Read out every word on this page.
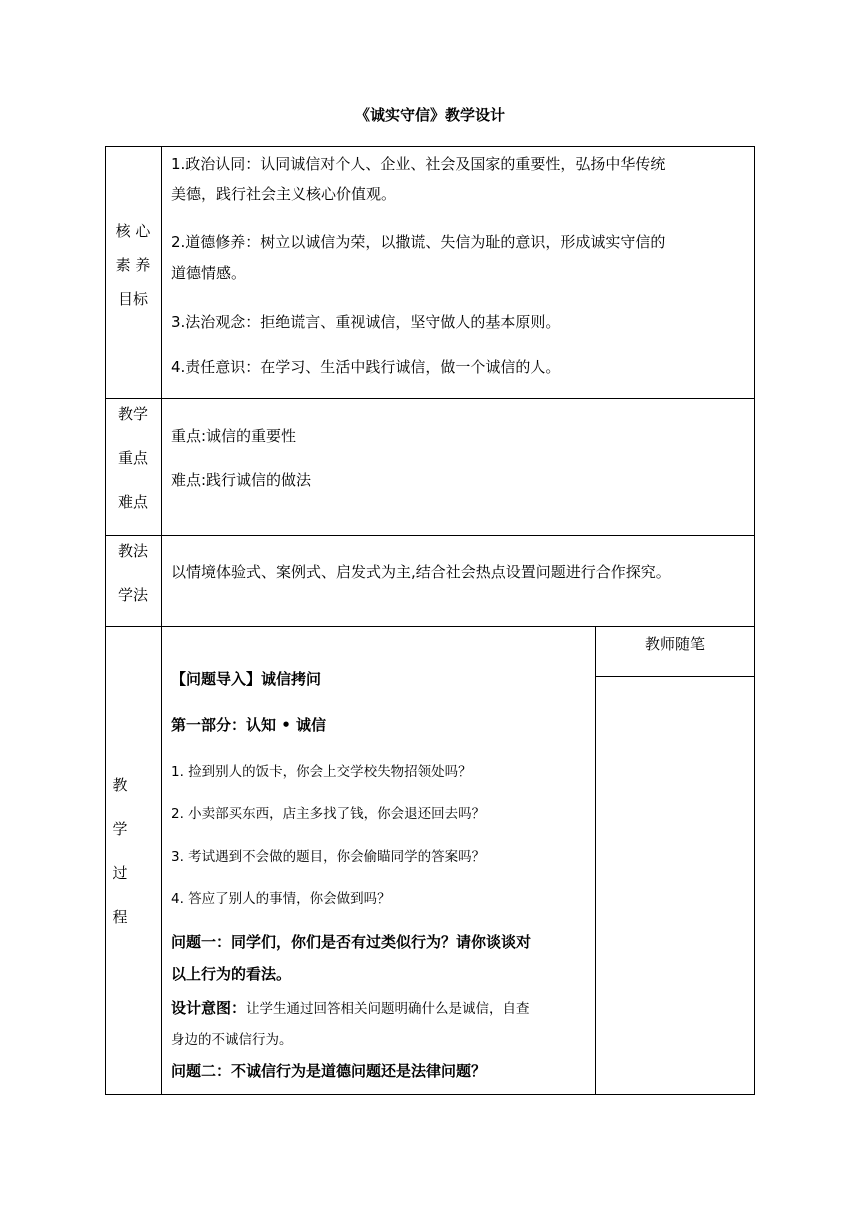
《诚实守信》教学设计
核 心
素 养
目标
1.政治认同：认同诚信对个人、企业、社会及国家的重要性，弘扬中华传统
美德，践行社会主义核心价值观。
2.道德修养：树立以诚信为荣，以撒谎、失信为耻的意识，形成诚实守信的
道德情感。
3.法治观念：拒绝谎言、重视诚信，坚守做人的基本原则。
4.责任意识：在学习、生活中践行诚信，做一个诚信的人。
教学
重点
难点
重点:诚信的重要性
难点:践行诚信的做法
教法
学法
以情境体验式、案例式、启发式为主,结合社会热点设置问题进行合作探究。
教
学
过
程
教师随笔
【问题导入】诚信拷问
第一部分：认知 • 诚信
1. 捡到别人的饭卡，你会上交学校失物招领处吗？
2. 小卖部买东西，店主多找了钱，你会退还回去吗？
3. 考试遇到不会做的题目，你会偷瞄同学的答案吗？
4. 答应了别人的事情，你会做到吗？
问题一：同学们，你们是否有过类似行为？请你谈谈对
以上行为的看法。
设计意图：让学生通过回答相关问题明确什么是诚信，自查
身边的不诚信行为。
问题二：不诚信行为是道德问题还是法律问题？
